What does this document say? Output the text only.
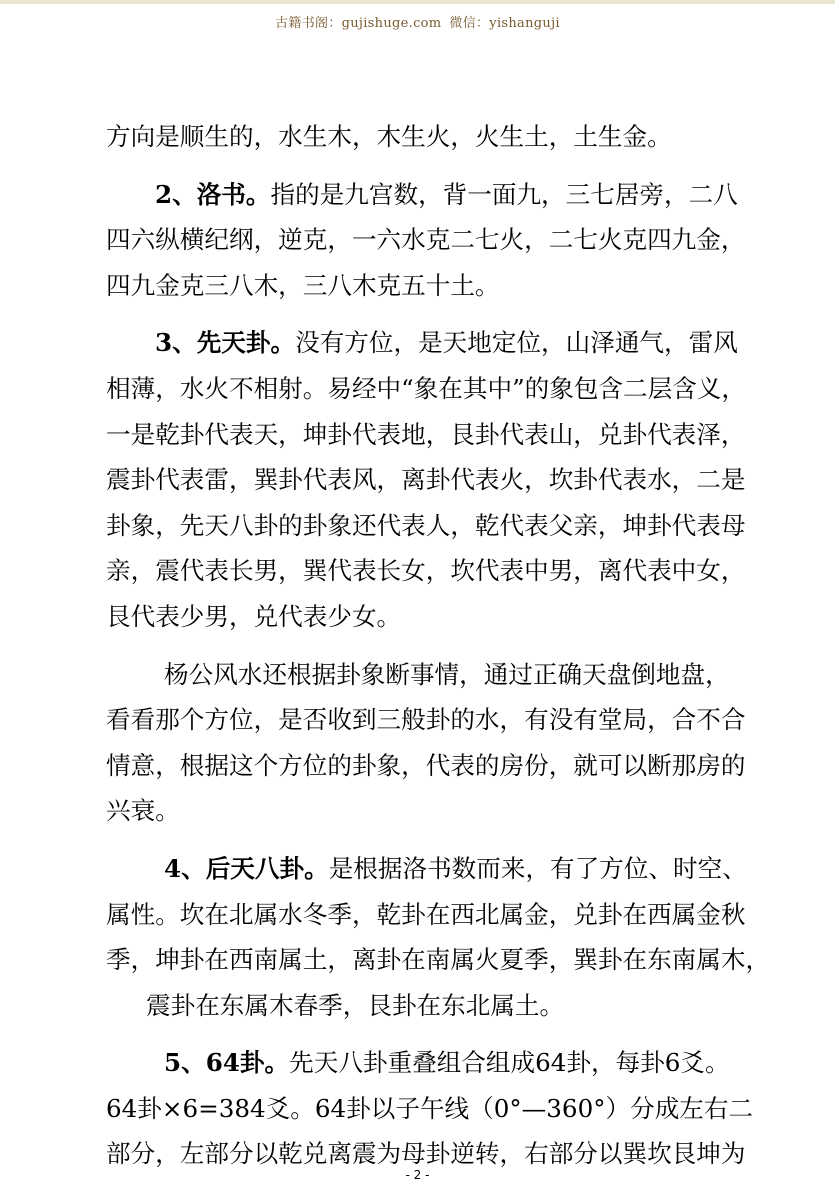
古籍书阁：gujishuge.com 微信：yishanguji
方向是顺生的，水生木，木生火，火生土，土生金。
2、洛书。指的是九宫数，背一面九，三七居旁，二八
四六纵横纪纲，逆克，一六水克二七火，二七火克四九金，
四九金克三八木，三八木克五十土。
3、先天卦。没有方位，是天地定位，山泽通气，雷风
相薄，水火不相射。易经中“象在其中”的象包含二层含义，
一是乾卦代表天，坤卦代表地，艮卦代表山，兑卦代表泽，
震卦代表雷，巽卦代表风，离卦代表火，坎卦代表水，二是
卦象，先天八卦的卦象还代表人，乾代表父亲，坤卦代表母
亲，震代表长男，巽代表长女，坎代表中男，离代表中女，
艮代表少男，兑代表少女。
杨公风水还根据卦象断事情，通过正确天盘倒地盘，
看看那个方位，是否收到三般卦的水，有没有堂局，合不合
情意，根据这个方位的卦象，代表的房份，就可以断那房的
兴衰。
4、后天八卦。是根据洛书数而来，有了方位、时空、
属性。坎在北属水冬季，乾卦在西北属金，兑卦在西属金秋
季，坤卦在西南属土，离卦在南属火夏季，巽卦在东南属木，
震卦在东属木春季，艮卦在东北属土。
5、64卦。先天八卦重叠组合组成64卦，每卦6爻。
64卦×6=384爻。64卦以子午线（0°—360°）分成左右二
部分，左部分以乾兑离震为母卦逆转，右部分以巽坎艮坤为
- 2 -
